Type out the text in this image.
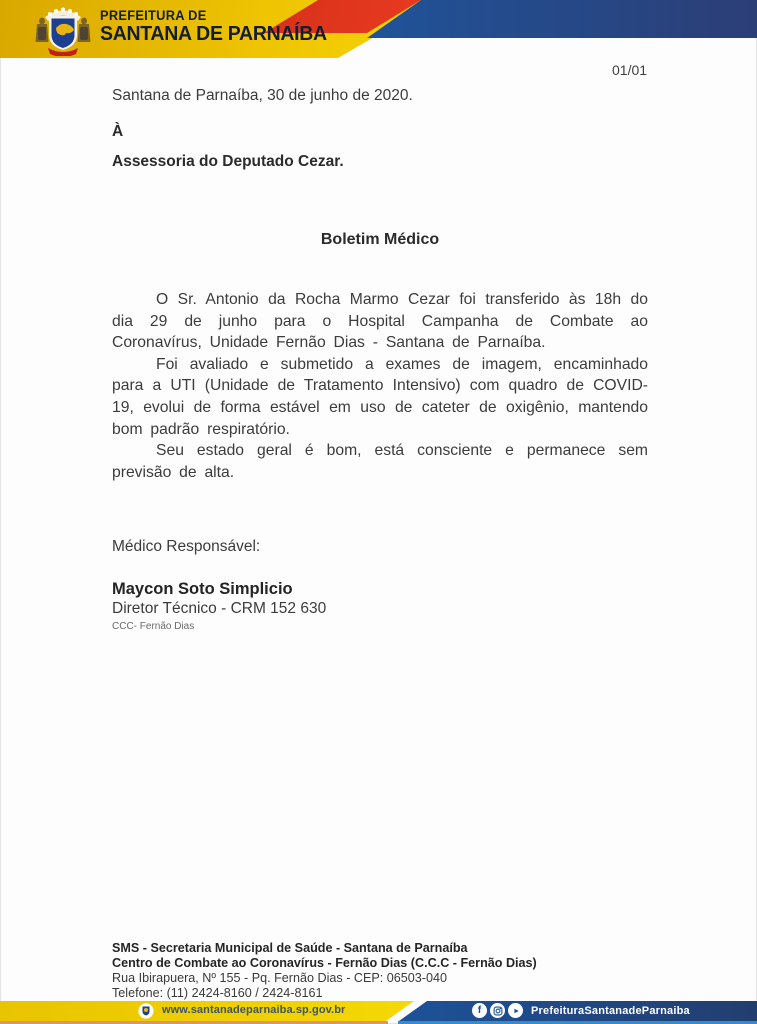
PREFEITURA DE
SANTANA DE PARNAÍBA
01/01
Santana de Parnaíba, 30 de junho de 2020.
À
Assessoria do Deputado Cezar.
Boletim Médico

O Sr. Antonio da Rocha Marmo Cezar foi transferido às 18h do dia 29 de junho para o Hospital Campanha de Combate ao Coronavírus, Unidade Fernão Dias - Santana de Parnaíba.

Foi avaliado e submetido a exames de imagem, encaminhado para a UTI (Unidade de Tratamento Intensivo) com quadro de COVID-19, evolui de forma estável em uso de cateter de oxigênio, mantendo bom padrão respiratório.

Seu estado geral é bom, está consciente e permanece sem previsão de alta.

Médico Responsável:
Maycon Soto Simplicio
Diretor Técnico - CRM 152 630
CCC- Fernão Dias
SMS - Secretaria Municipal de Saúde - Santana de Parnaíba
Centro de Combate ao Coronavírus - Fernão Dias (C.C.C - Fernão Dias)
Rua Ibirapuera, Nº 155 - Pq. Fernão Dias - CEP: 06503-040
Telefone: (11) 2424-8160 / 2424-8161
www.santanadeparnaiba.sp.gov.br	f	PrefeituraSantanadeParnaiba
